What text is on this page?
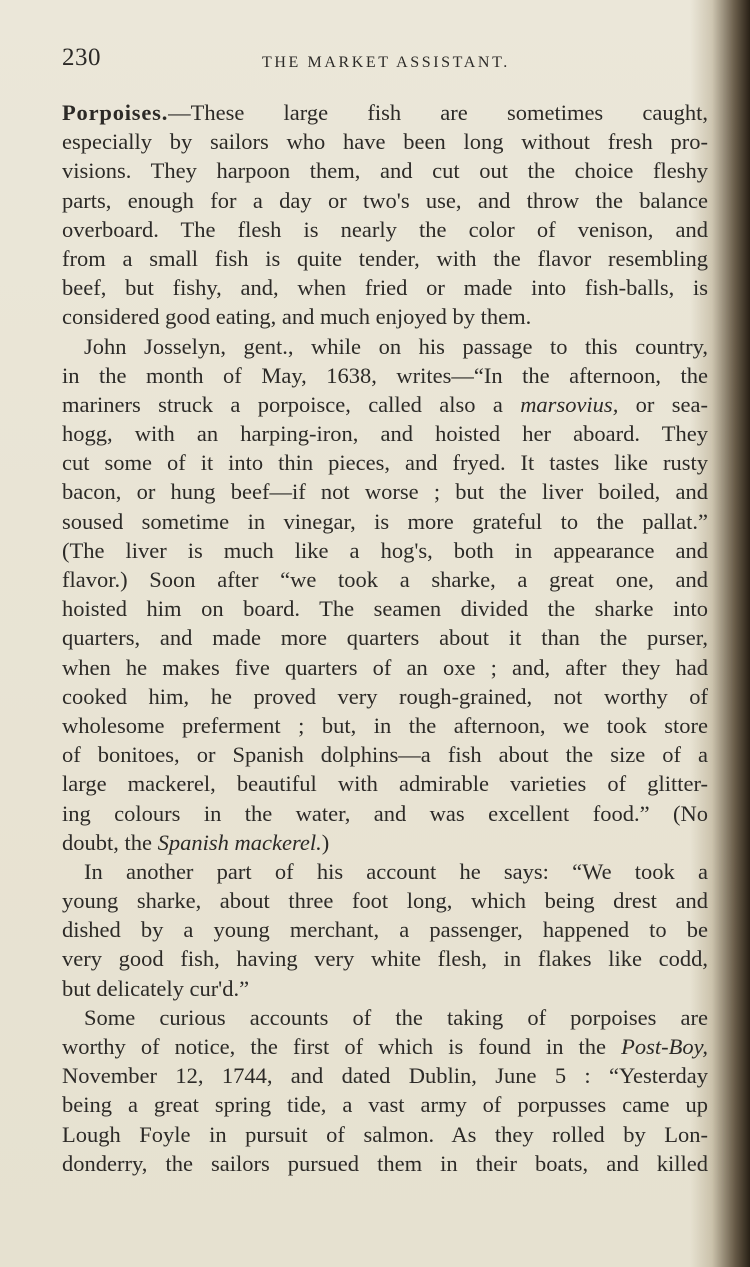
230	THE MARKET ASSISTANT.
Porpoises.—These large fish are sometimes caught,
especially by sailors who have been long without fresh pro-
visions. They harpoon them, and cut out the choice fleshy
parts, enough for a day or two's use, and throw the balance
overboard. The flesh is nearly the color of venison, and
from a small fish is quite tender, with the flavor resembling
beef, but fishy, and, when fried or made into fish-balls, is
considered good eating, and much enjoyed by them.
John Josselyn, gent., while on his passage to this country,
in the month of May, 1638, writes—“In the afternoon, the
mariners struck a porpoisce, called also a marsovius, or sea-
hogg, with an harping-iron, and hoisted her aboard. They
cut some of it into thin pieces, and fryed. It tastes like rusty
bacon, or hung beef—if not worse ; but the liver boiled, and
soused sometime in vinegar, is more grateful to the pallat.”
(The liver is much like a hog's, both in appearance and
flavor.) Soon after “we took a sharke, a great one, and
hoisted him on board. The seamen divided the sharke into
quarters, and made more quarters about it than the purser,
when he makes five quarters of an oxe ; and, after they had
cooked him, he proved very rough-grained, not worthy of
wholesome preferment ; but, in the afternoon, we took store
of bonitoes, or Spanish dolphins—a fish about the size of a
large mackerel, beautiful with admirable varieties of glitter-
ing colours in the water, and was excellent food.” (No
doubt, the Spanish mackerel.)
In another part of his account he says: “We took a
young sharke, about three foot long, which being drest and
dished by a young merchant, a passenger, happened to be
very good fish, having very white flesh, in flakes like codd,
but delicately cur'd.”
Some curious accounts of the taking of porpoises are
worthy of notice, the first of which is found in the Post-Boy,
November 12, 1744, and dated Dublin, June 5 : “Yesterday
being a great spring tide, a vast army of porpusses came up
Lough Foyle in pursuit of salmon. As they rolled by Lon-
donderry, the sailors pursued them in their boats, and killed
